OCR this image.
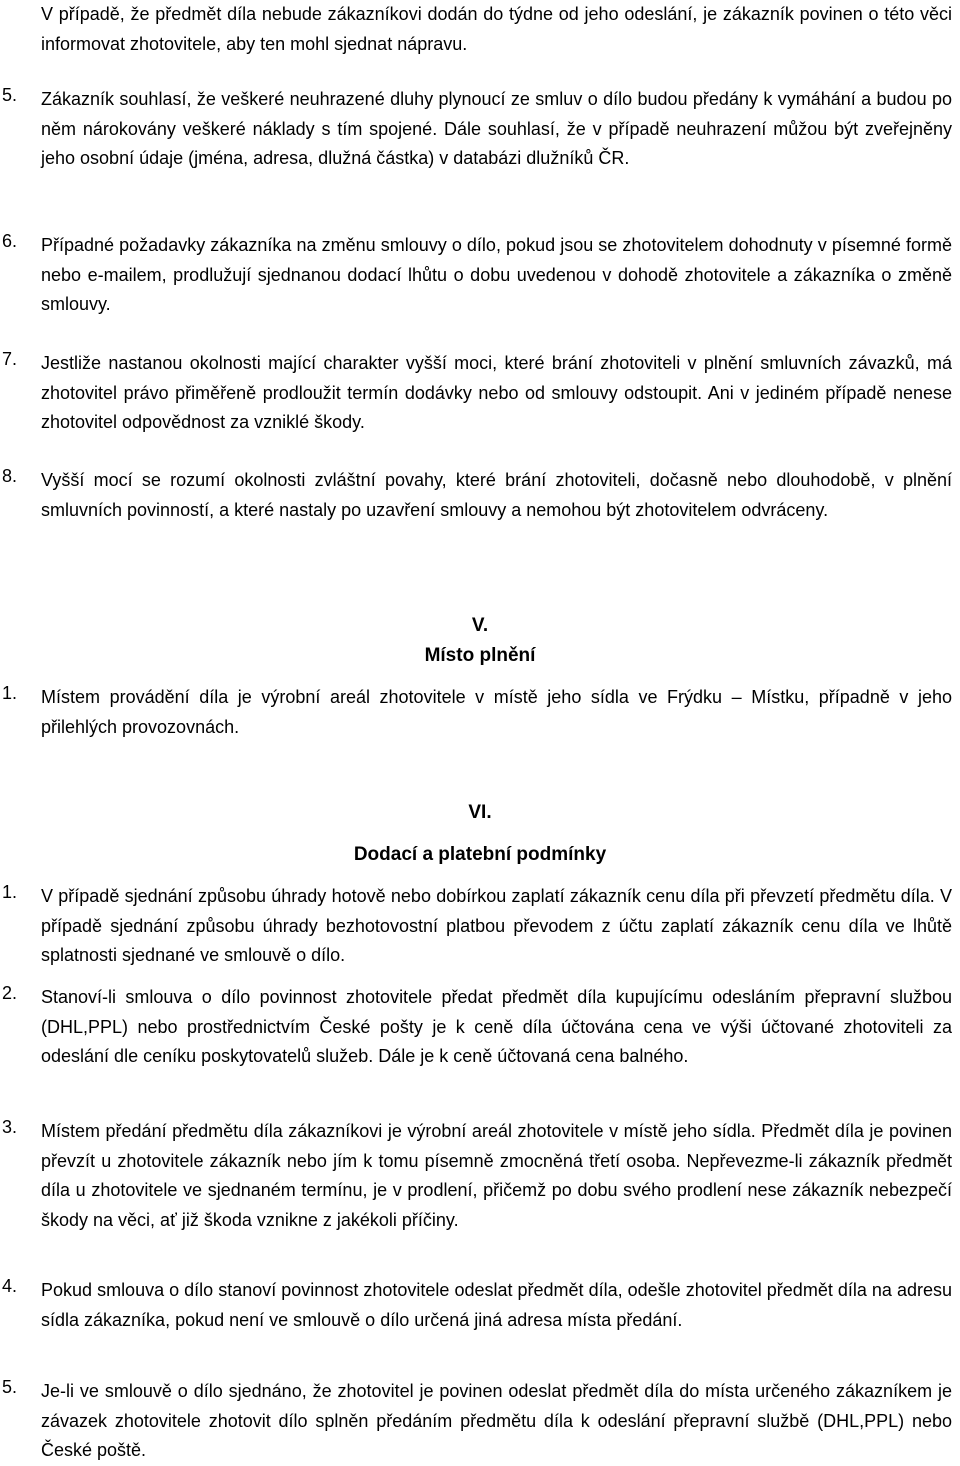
V případě, že předmět díla nebude zákazníkovi dodán do týdne od jeho odeslání, je zákazník povinen o této věci informovat zhotovitele, aby ten mohl sjednat nápravu.

5.	Zákazník souhlasí, že veškeré neuhrazené dluhy plynoucí ze smluv o dílo budou předány k vymáhání a budou po něm nárokovány veškeré náklady s tím spojené. Dále souhlasí, že v případě neuhrazení můžou být zveřejněny jeho osobní údaje (jména, adresa, dlužná částka) v databázi dlužníků ČR.
6.	Případné požadavky zákazníka na změnu smlouvy o dílo, pokud jsou se zhotovitelem dohodnuty v písemné formě nebo e-mailem, prodlužují sjednanou dodací lhůtu o dobu uvedenou v dohodě zhotovitele a zákazníka o změně smlouvy.
7.	Jestliže nastanou okolnosti mající charakter vyšší moci, které brání zhotoviteli v plnění smluvních závazků, má zhotovitel právo přiměřeně prodloužit termín dodávky nebo od smlouvy odstoupit. Ani v jediném případě nenese zhotovitel odpovědnost za vzniklé škody.
8.	Vyšší mocí se rozumí okolnosti zvláštní povahy, které brání zhotoviteli, dočasně nebo dlouhodobě, v plnění smluvních povinností, a které nastaly po uzavření smlouvy a nemohou být zhotovitelem odvráceny.
V.
Místo plnění
1.	Místem provádění díla je výrobní areál zhotovitele v místě jeho sídla ve Frýdku – Místku, případně v jeho přilehlých provozovnách.
VI.
Dodací a platební podmínky
1.	V případě sjednání způsobu úhrady hotově nebo dobírkou zaplatí zákazník cenu díla při převzetí předmětu díla. V případě sjednání způsobu úhrady bezhotovostní platbou převodem z účtu zaplatí zákazník cenu díla ve lhůtě splatnosti sjednané ve smlouvě o dílo.
2.	Stanoví-li smlouva o dílo povinnost zhotovitele předat předmět díla kupujícímu odesláním přepravní službou (DHL,PPL) nebo prostřednictvím České pošty je k ceně díla účtována cena ve výši účtované zhotoviteli za odeslání dle ceníku poskytovatelů služeb. Dále je k ceně účtovaná cena balného.
3.	Místem předání předmětu díla zákazníkovi je výrobní areál zhotovitele v místě jeho sídla. Předmět díla je povinen převzít u zhotovitele zákazník nebo jím k tomu písemně zmocněná třetí osoba. Nepřevezme-li zákazník předmět díla u zhotovitele ve sjednaném termínu, je v prodlení, přičemž po dobu svého prodlení nese zákazník nebezpečí škody na věci, ať již škoda vznikne z jakékoli příčiny.
4.	Pokud smlouva o dílo stanoví povinnost zhotovitele odeslat předmět díla, odešle zhotovitel předmět díla na adresu sídla zákazníka, pokud není ve smlouvě o dílo určená jiná adresa místa předání.
5.	Je-li ve smlouvě o dílo sjednáno, že zhotovitel je povinen odeslat předmět díla do místa určeného zákazníkem je závazek zhotovitele zhotovit dílo splněn předáním předmětu díla k odeslání přepravní službě (DHL,PPL) nebo České poště.
